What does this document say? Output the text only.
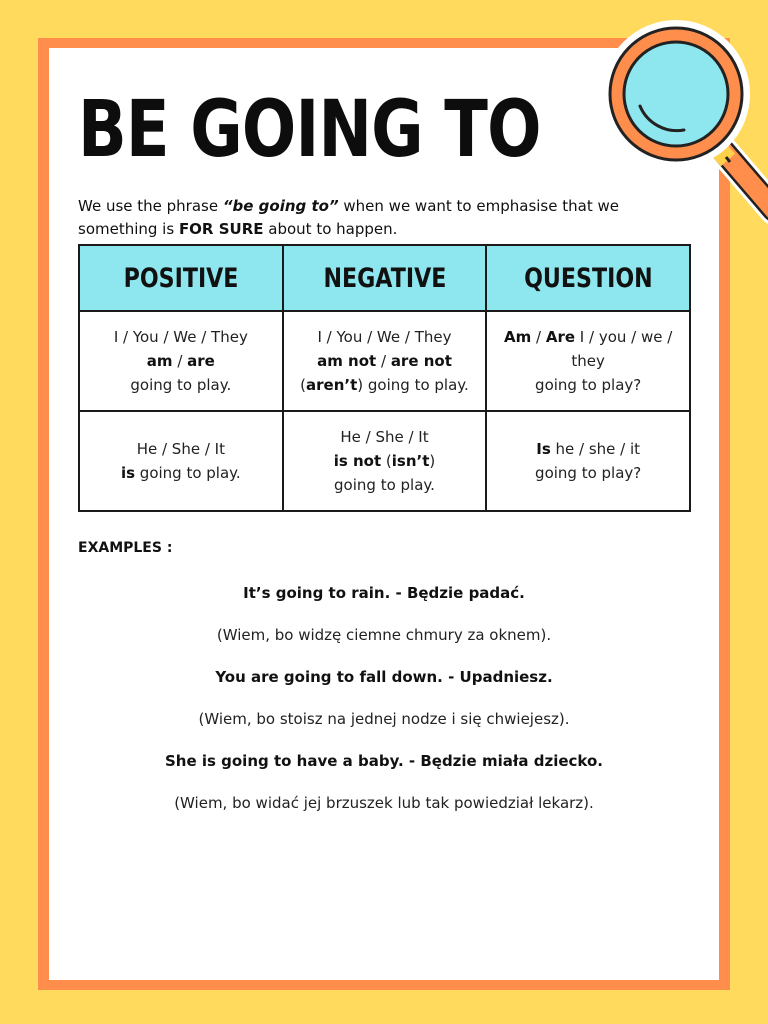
BE GOING TO

We use the phrase “be going to” when we want to emphasise that we something is FOR SURE about to happen.

POSITIVE	NEGATIVE	QUESTION

I / You / We / They
am / are
going to play.	I / You / We / They
am not / are not
(aren’t) going to play.	Am / Are I / you / we /
they
going to play?

He / She / It
is going to play.	He / She / It
is not (isn’t)
going to play.	Is he / she / it
going to play?

EXAMPLES :

It’s going to rain. - Będzie padać.

(Wiem, bo widzę ciemne chmury za oknem).

You are going to fall down. - Upadniesz.

(Wiem, bo stoisz na jednej nodze i się chwiejesz).

She is going to have a baby. - Będzie miała dziecko.

(Wiem, bo widać jej brzuszek lub tak powiedział lekarz).
